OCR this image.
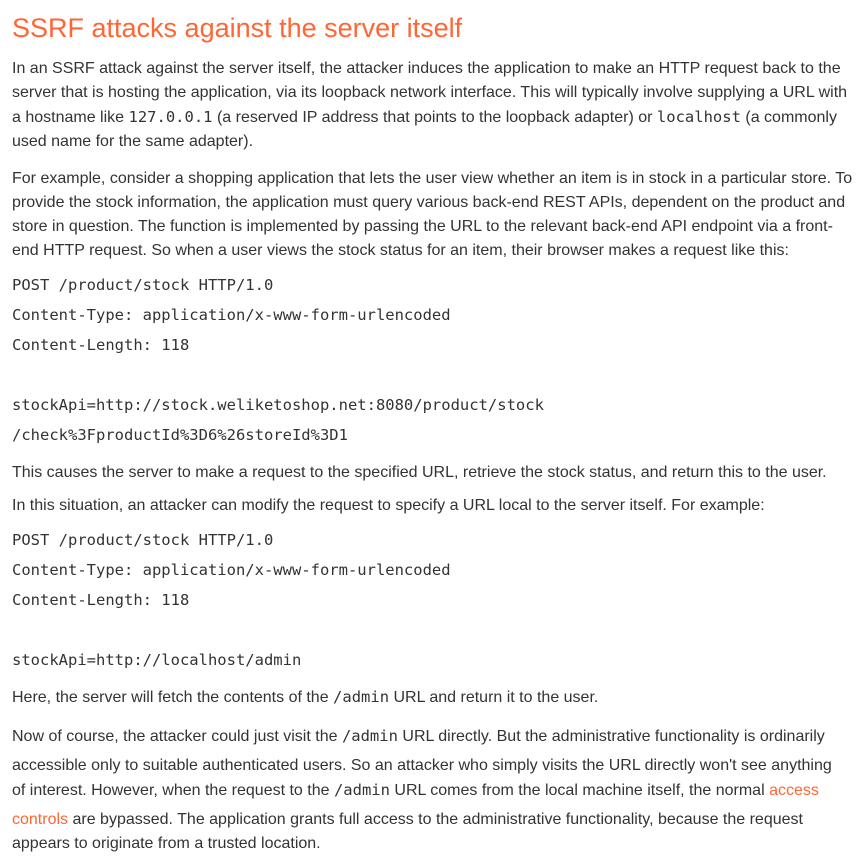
SSRF attacks against the server itself
In an SSRF attack against the server itself, the attacker induces the application to make an HTTP request back to the server that is hosting the application, via its loopback network interface. This will typically involve supplying a URL with a hostname like 127.0.0.1 (a reserved IP address that points to the loopback adapter) or localhost (a commonly used name for the same adapter).
For example, consider a shopping application that lets the user view whether an item is in stock in a particular store. To provide the stock information, the application must query various back-end REST APIs, dependent on the product and store in question. The function is implemented by passing the URL to the relevant back-end API endpoint via a front-end HTTP request. So when a user views the stock status for an item, their browser makes a request like this:
POST /product/stock HTTP/1.0
Content-Type: application/x-www-form-urlencoded
Content-Length: 118
stockApi=http://stock.weliketoshop.net:8080/product/stock
/check%3FproductId%3D6%26storeId%3D1
This causes the server to make a request to the specified URL, retrieve the stock status, and return this to the user.
In this situation, an attacker can modify the request to specify a URL local to the server itself. For example:
POST /product/stock HTTP/1.0
Content-Type: application/x-www-form-urlencoded
Content-Length: 118
stockApi=http://localhost/admin
Here, the server will fetch the contents of the /admin URL and return it to the user.
Now of course, the attacker could just visit the /admin URL directly. But the administrative functionality is ordinarily
accessible only to suitable authenticated users. So an attacker who simply visits the URL directly won't see anything
of interest. However, when the request to the /admin URL comes from the local machine itself, the normal access
controls are bypassed. The application grants full access to the administrative functionality, because the request
appears to originate from a trusted location.
